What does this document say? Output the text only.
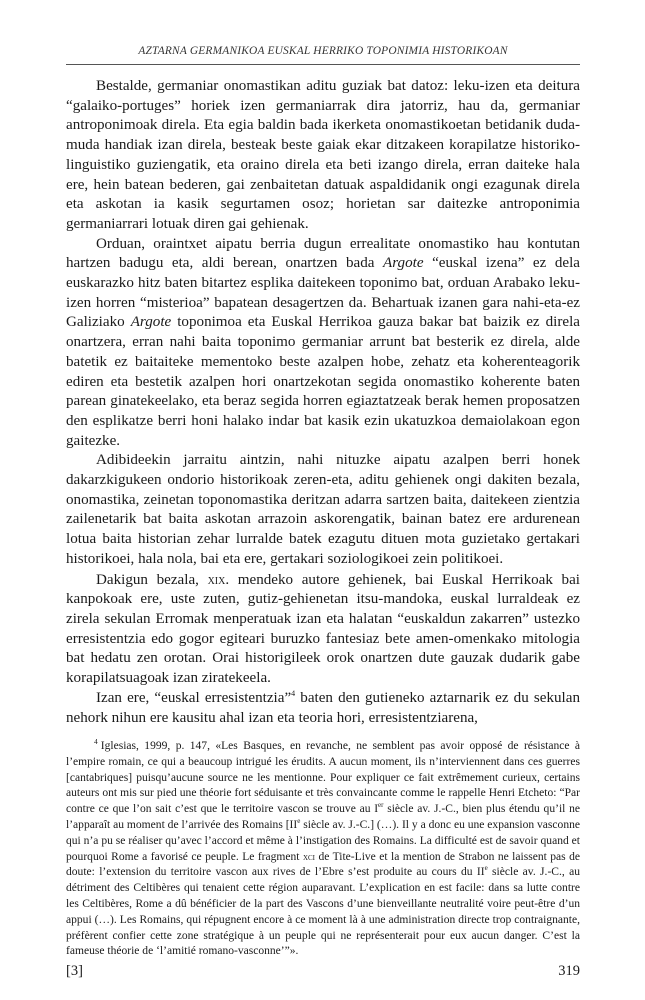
AZTARNA GERMANIKOA EUSKAL HERRIKO TOPONIMIA HISTORIKOAN

Bestalde, germaniar onomastikan aditu guziak bat datoz: leku-izen eta deitura “galaiko-portuges” horiek izen germaniarrak dira jatorriz, hau da, germaniar antroponimoak direla. Eta egia baldin bada ikerketa onomastikoetan betidanik duda-muda handiak izan direla, besteak beste gaiak ekar ditzakeen korapilatze historiko-linguistiko guziengatik, eta oraino direla eta beti izango direla, erran daiteke hala ere, hein batean bederen, gai zenbaitetan datuak aspaldidanik ongi ezagunak direla eta askotan ia kasik segurtamen osoz; horietan sar daitezke antroponimia germaniarrari lotuak diren gai gehienak.

Orduan, oraintxet aipatu berria dugun errealitate onomastiko hau kontutan hartzen badugu eta, aldi berean, onartzen bada Argote “euskal izena” ez dela euskarazko hitz baten bitartez esplika daitekeen toponimo bat, orduan Arabako leku-izen horren “misterioa” bapatean desagertzen da. Behartuak izanen gara nahi-eta-ez Galiziako Argote toponimoa eta Euskal Herrikoa gauza bakar bat baizik ez direla onartzera, erran nahi baita toponimo germaniar arrunt bat besterik ez direla, alde batetik ez baitaiteke mementoko beste azalpen hobe, zehatz eta koherenteagorik ediren eta bestetik azalpen hori onartzekotan segida onomastiko koherente baten parean ginatekeelako, eta beraz segida horren egiaztatzeak berak hemen proposatzen den esplikatze berri honi halako indar bat kasik ezin ukatuzkoa demaiolakoan egon gaitezke.

Adibideekin jarraitu aintzin, nahi nituzke aipatu azalpen berri honek dakarzkigukeen ondorio historikoak zeren-eta, aditu gehienek ongi dakiten bezala, onomastika, zeinetan toponomastika deritzan adarra sartzen baita, daitekeen zientzia zailenetarik bat baita askotan arrazoin askorengatik, bainan batez ere ardurenean lotua baita historian zehar lurralde batek ezagutu dituen mota guzietako gertakari historikoei, hala nola, bai eta ere, gertakari soziologikoei zein politikoei.

Dakigun bezala, xix. mendeko autore gehienek, bai Euskal Herrikoak bai kanpokoak ere, uste zuten, gutiz-gehienetan itsu-mandoka, euskal lurraldeak ez zirela sekulan Erromak menperatuak izan eta halatan “euskaldun zakarren” ustezko erresistentzia edo gogor egiteari buruzko fantesiaz bete amen-omenkako mitologia bat hedatu zen orotan. Orai historigileek orok onartzen dute gauzak dudarik gabe korapilatsuagoak izan ziratekeela.

Izan ere, “euskal erresistentzia”$^4$ baten den gutieneko aztarnarik ez du sekulan nehork nihun ere kausitu ahal izan eta teoria hori, erresistentziarena,

$^4$ Iglesias, 1999, p. 147, «Les Basques, en revanche, ne semblent pas avoir opposé de résistance à l’empire romain, ce qui a beaucoup intrigué les érudits. A aucun moment, ils n’interviennent dans ces guerres [cantabriques] puisqu’aucune source ne les mentionne. Pour expliquer ce fait extrêmement curieux, certains auteurs ont mis sur pied une théorie fort séduisante et très convaincante comme le rappelle Henri Etcheto: “Par contre ce que l’on sait c’est que le territoire vascon se trouve au Ier siècle av. J.-C., bien plus étendu qu’il ne l’apparaît au moment de l’arrivée des Romains [IIe siècle av. J.-C.] (…). Il y a donc eu une expansion vasconne qui n’a pu se réaliser qu’avec l’accord et même à l’instigation des Romains. La difficulté est de savoir quand et pourquoi Rome a favorisé ce peuple. Le fragment xci de Tite-Live et la mention de Strabon ne laissent pas de doute: l’extension du territoire vascon aux rives de l’Ebre s’est produite au cours du IIe siècle av. J.-C., au détriment des Celtibères qui tenaient cette région auparavant. L’explication en est facile: dans sa lutte contre les Celtibères, Rome a dû bénéficier de la part des Vascons d’une bienveillante neutralité voire peut-être d’un appui (…). Les Romains, qui répugnent encore à ce moment là à une administration directe trop contraignante, préfèrent confier cette zone stratégique à un peuple qui ne représenterait pour eux aucun danger. C’est la fameuse théorie de ‘l’amitié romano-vasconne’”».

[3]	319
